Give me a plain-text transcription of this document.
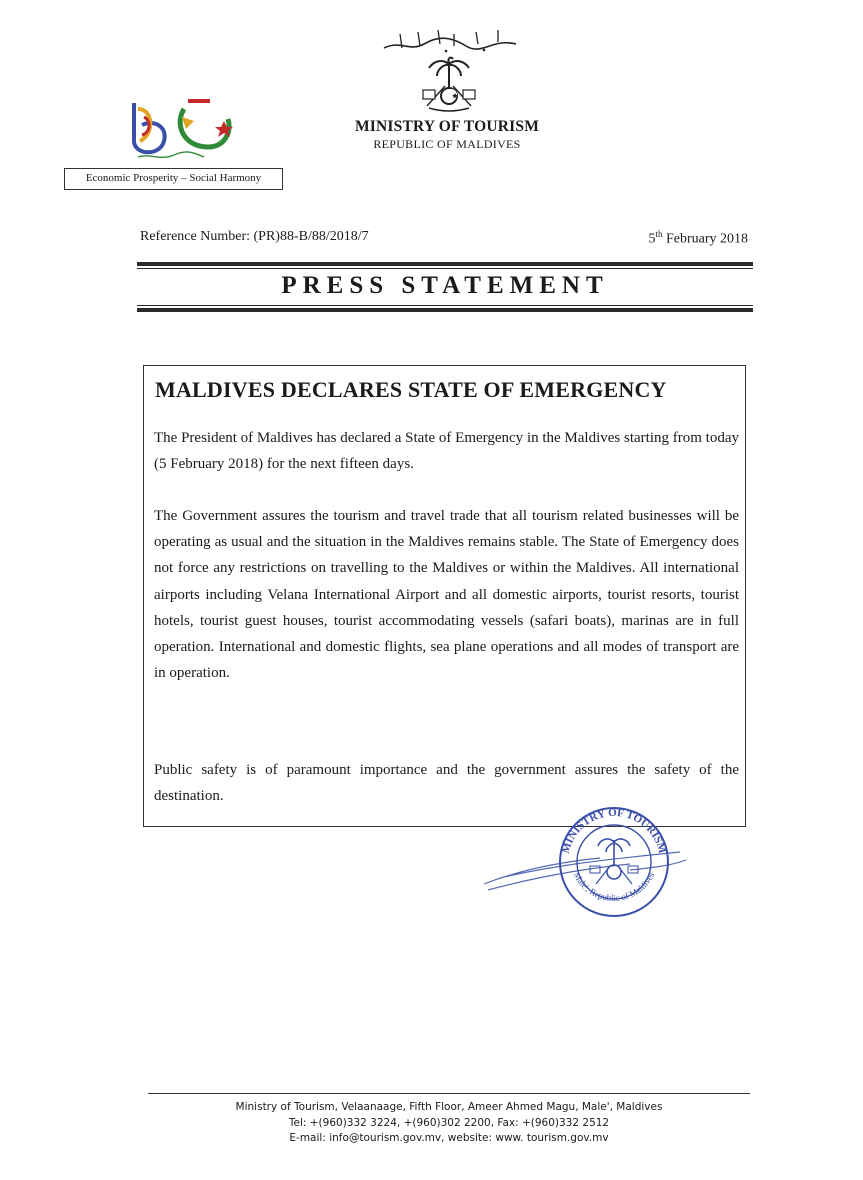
MINISTRY OF TOURISM
REPUBLIC OF MALDIVES
Economic Prosperity – Social Harmony
Reference Number: (PR)88-B/88/2018/7	5th February 2018
PRESS STATEMENT
MALDIVES DECLARES STATE OF EMERGENCY
The President of Maldives has declared a State of Emergency in the Maldives starting from today (5 February 2018) for the next fifteen days.
The Government assures the tourism and travel trade that all tourism related businesses will be operating as usual and the situation in the Maldives remains stable. The State of Emergency does not force any restrictions on travelling to the Maldives or within the Maldives. All international airports including Velana International Airport and all domestic airports, tourist resorts, tourist hotels, tourist guest houses, tourist accommodating vessels (safari boats), marinas are in full operation. International and domestic flights, sea plane operations and all modes of transport are in operation.
Public safety is of paramount importance and the government assures the safety of the destination.
MINISTRY OF TOURISM
Male', Republic of Maldives
Ministry of Tourism, Velaanaage, Fifth Floor, Ameer Ahmed Magu, Male', Maldives
Tel: +(960)332 3224, +(960)302 2200, Fax: +(960)332 2512
E-mail: info@tourism.gov.mv, website: www. tourism.gov.mv
